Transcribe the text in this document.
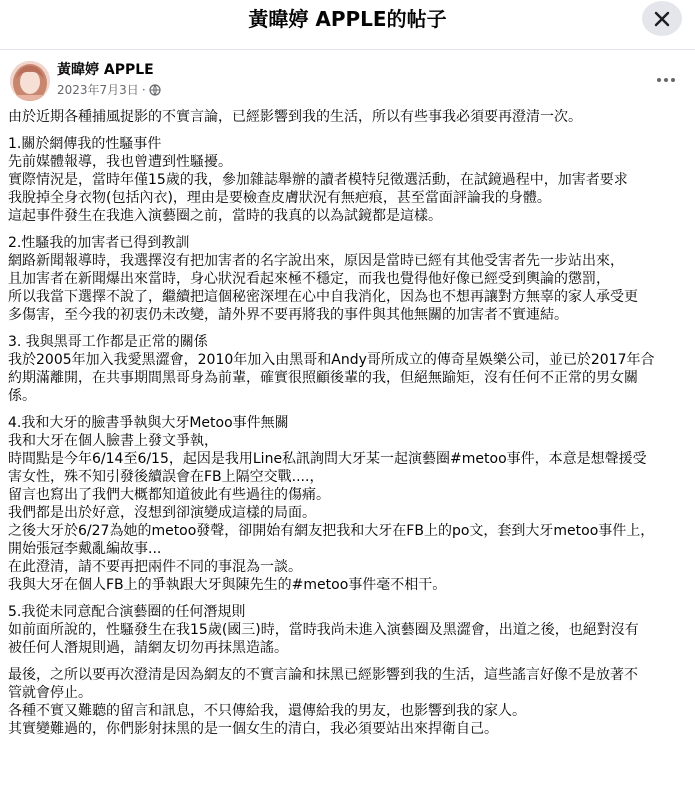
黃暐婷 APPLE的帖子
黃暐婷 APPLE
2023年7月3日 ·

由於近期各種捕風捉影的不實言論，已經影響到我的生活，所以有些事我必須要再澄清一次。

1.關於網傳我的性騷事件

先前媒體報導，我也曾遭到性騷擾。

實際情況是，當時年僅15歲的我，參加雜誌舉辦的讀者模特兒徵選活動，在試鏡過程中，加害者要求

我脫掉全身衣物(包括內衣)，理由是要檢查皮膚狀況有無疤痕，甚至當面評論我的身體。

這起事件發生在我進入演藝圈之前，當時的我真的以為試鏡都是這樣。

2.性騷我的加害者已得到教訓

網路新聞報導時，我選擇沒有把加害者的名字說出來，原因是當時已經有其他受害者先一步站出來，

且加害者在新聞爆出來當時，身心狀況看起來極不穩定，而我也覺得他好像已經受到輿論的懲罰，

所以我當下選擇不說了，繼續把這個秘密深埋在心中自我消化，因為也不想再讓對方無辜的家人承受更

多傷害，至今我的初衷仍未改變，請外界不要再將我的事件與其他無關的加害者不實連結。

3. 我與黑哥工作都是正常的關係

我於2005年加入我愛黑澀會，2010年加入由黑哥和Andy哥所成立的傳奇星娛樂公司，並已於2017年合

約期滿離開，在共事期間黑哥身為前輩，確實很照顧後輩的我，但絕無踰矩，沒有任何不正常的男女關

係。

4.我和大牙的臉書爭執與大牙Metoo事件無關

我和大牙在個人臉書上發文爭執，

時間點是今年6/14至6/15，起因是我用Line私訊詢問大牙某一起演藝圈#metoo事件，本意是想聲援受

害女性，殊不知引發後續誤會在FB上隔空交戰....，

留言也寫出了我們大概都知道彼此有些過往的傷痛。

我們都是出於好意，沒想到卻演變成這樣的局面。

之後大牙於6/27為她的metoo發聲，卻開始有網友把我和大牙在FB上的po文，套到大牙metoo事件上，

開始張冠李戴亂編故事...

在此澄清，請不要再把兩件不同的事混為一談。

我與大牙在個人FB上的爭執跟大牙與陳先生的#metoo事件毫不相干。

5.我從未同意配合演藝圈的任何潛規則

如前面所說的，性騷發生在我15歲(國三)時，當時我尚未進入演藝圈及黑澀會，出道之後，也絕對沒有

被任何人潛規則過，請網友切勿再抹黑造謠。

最後，之所以要再次澄清是因為網友的不實言論和抹黑已經影響到我的生活，這些謠言好像不是放著不

管就會停止。

各種不實又難聽的留言和訊息，不只傳給我，還傳給我的男友，也影響到我的家人。

其實變難過的，你們影射抹黑的是一個女生的清白，我必須要站出來捍衛自己。
